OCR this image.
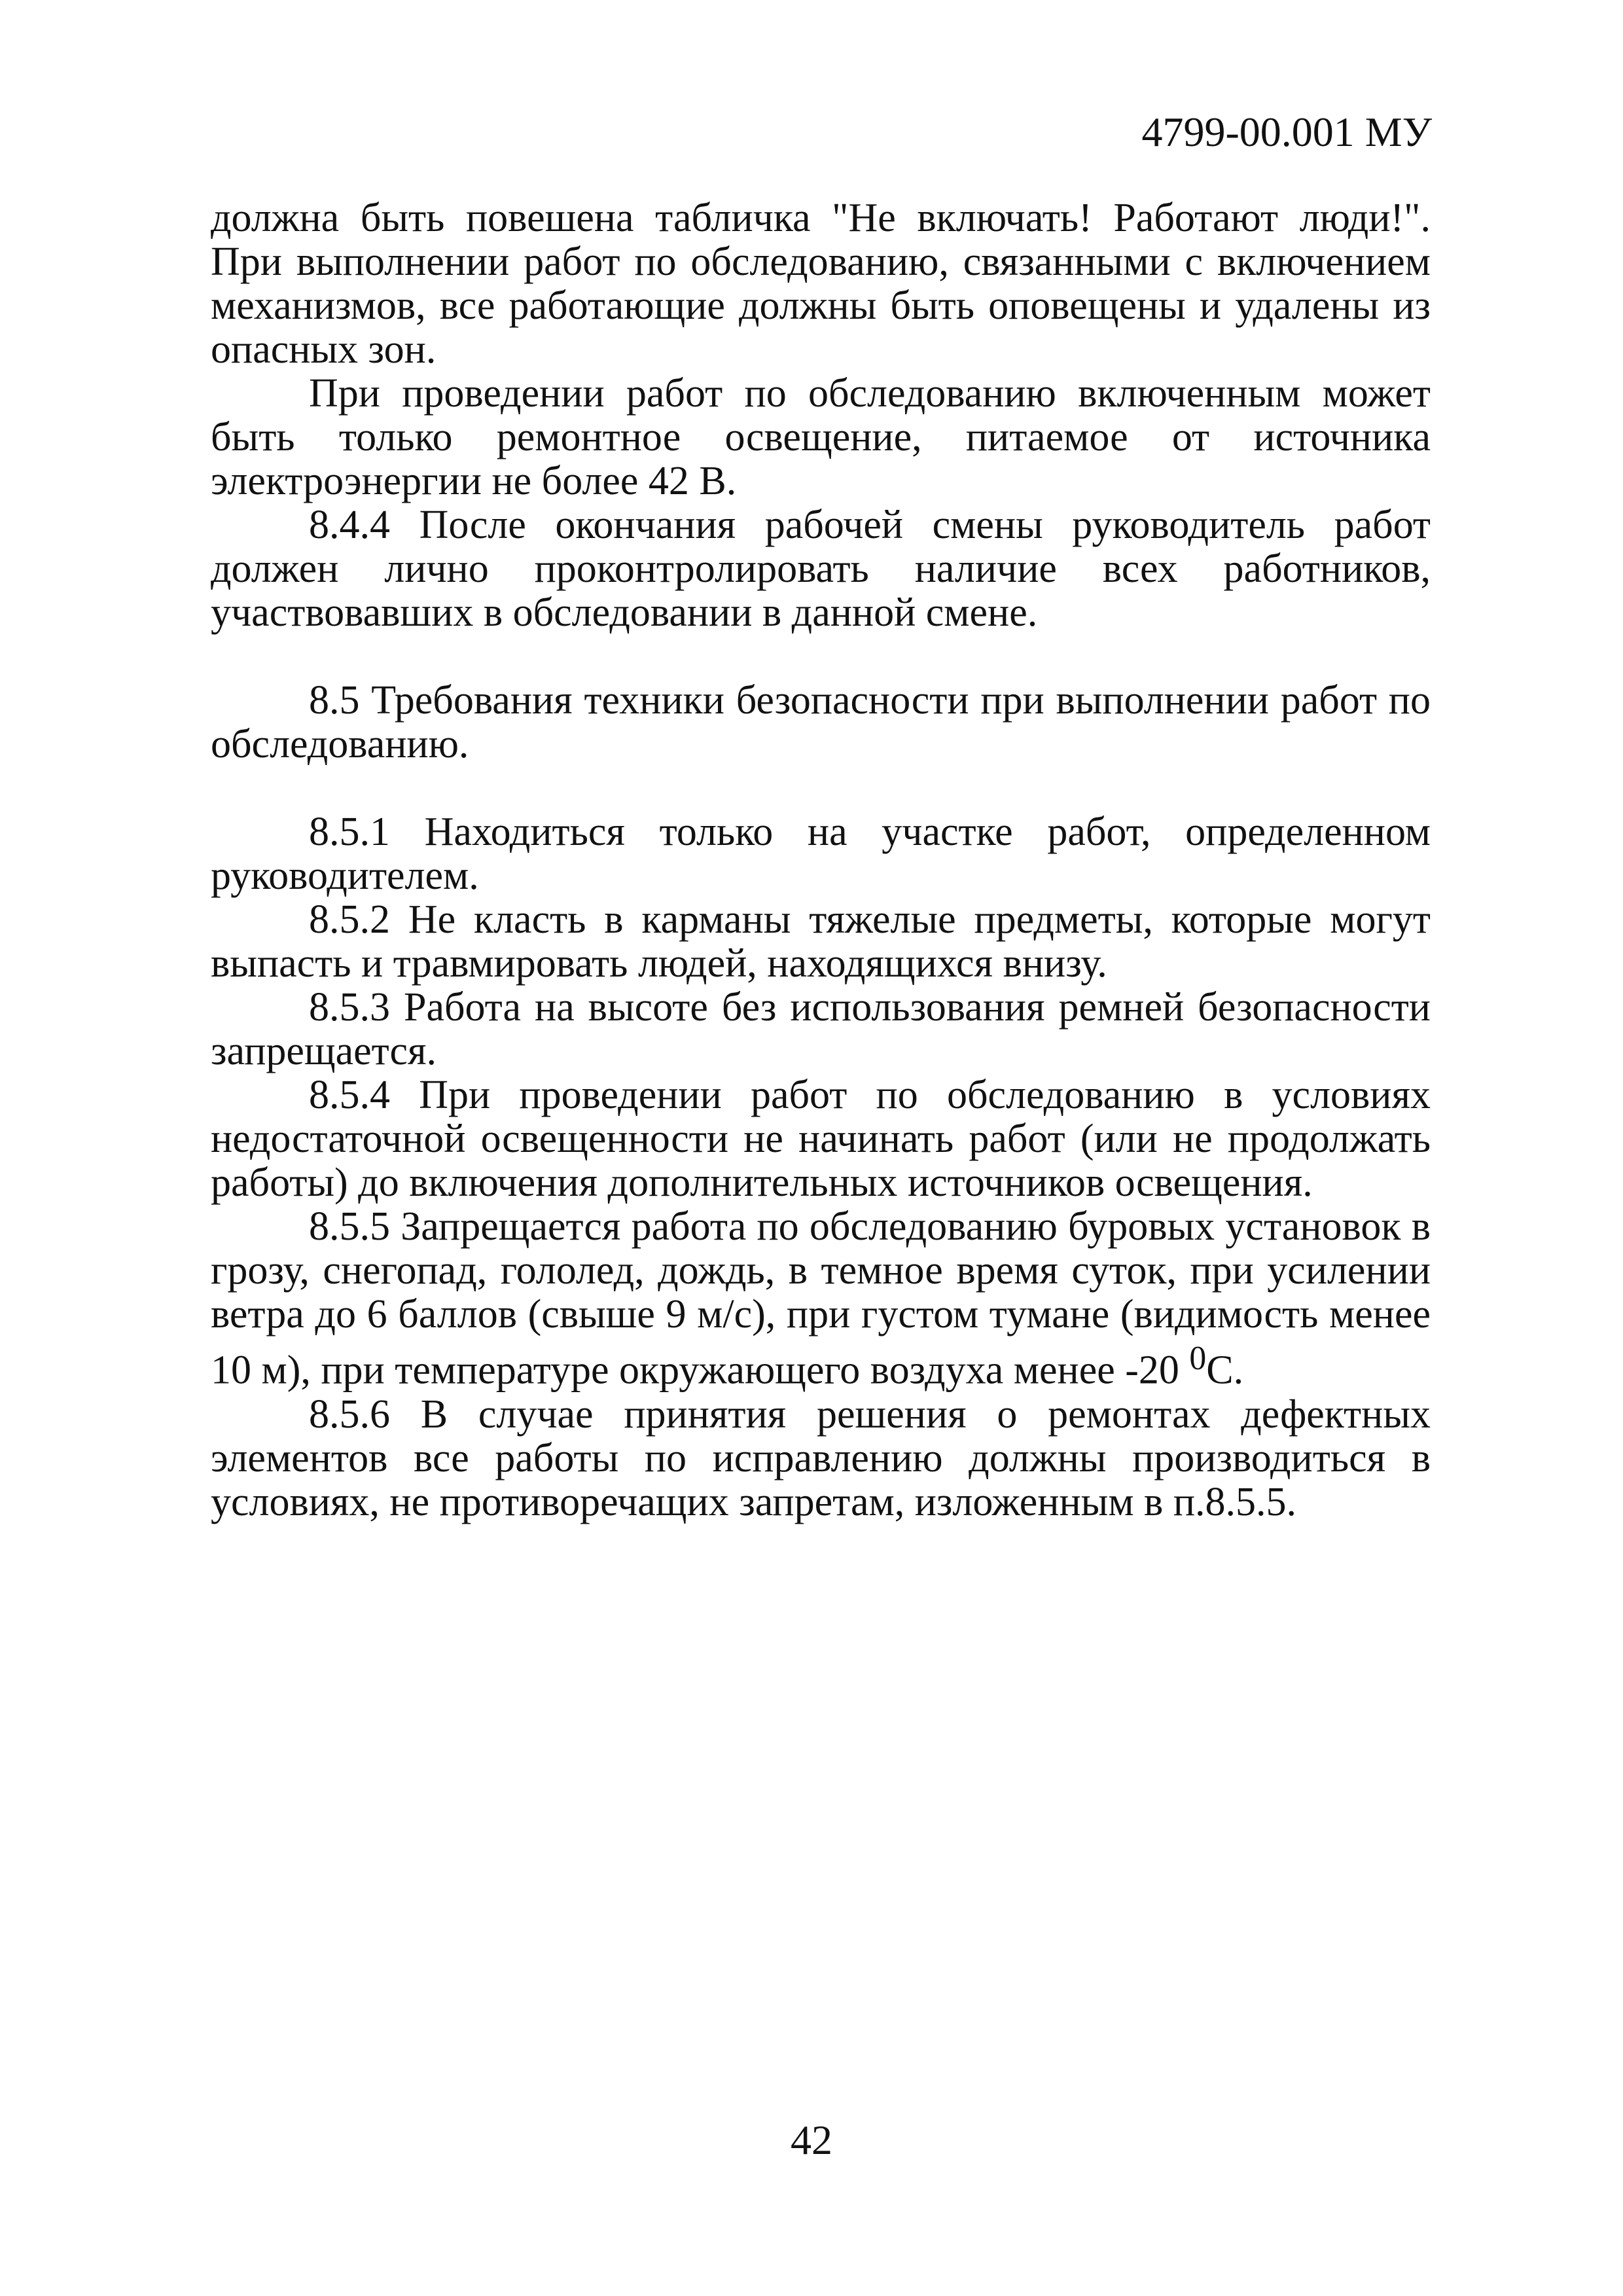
4799-00.001 МУ

должна быть повешена табличка "Не включать! Работают люди!". При выполнении работ по обследованию, связанными с включением механизмов, все работающие должны быть оповещены и удалены из опасных зон.

При проведении работ по обследованию включенным может быть только ремонтное освещение, питаемое от источника электроэнергии не более 42 В.

8.4.4 После окончания рабочей смены руководитель работ должен лично проконтролировать наличие всех работников, участвовавших в обследовании в данной смене.

8.5 Требования техники безопасности при выполнении работ по обследованию.

8.5.1 Находиться только на участке работ, определенном руководителем.

8.5.2 Не класть в карманы тяжелые предметы, которые могут выпасть и травмировать людей, находящихся внизу.

8.5.3 Работа на высоте без использования ремней безопасности запрещается.

8.5.4 При проведении работ по обследованию в условиях недостаточной освещенности не начинать работ (или не продолжать работы) до включения дополнительных источников освещения.

8.5.5 Запрещается работа по обследованию буровых установок в грозу, снегопад, гололед, дождь, в темное время суток, при усилении ветра до 6 баллов (свыше 9 м/с), при густом тумане (видимость менее 10 м), при температуре окружающего воздуха менее -20 $^0$С.

8.5.6 В случае принятия решения о ремонтах дефектных элементов все работы по исправлению должны производиться в условиях, не противоречащих запретам, изложенным в п.8.5.5.

42
